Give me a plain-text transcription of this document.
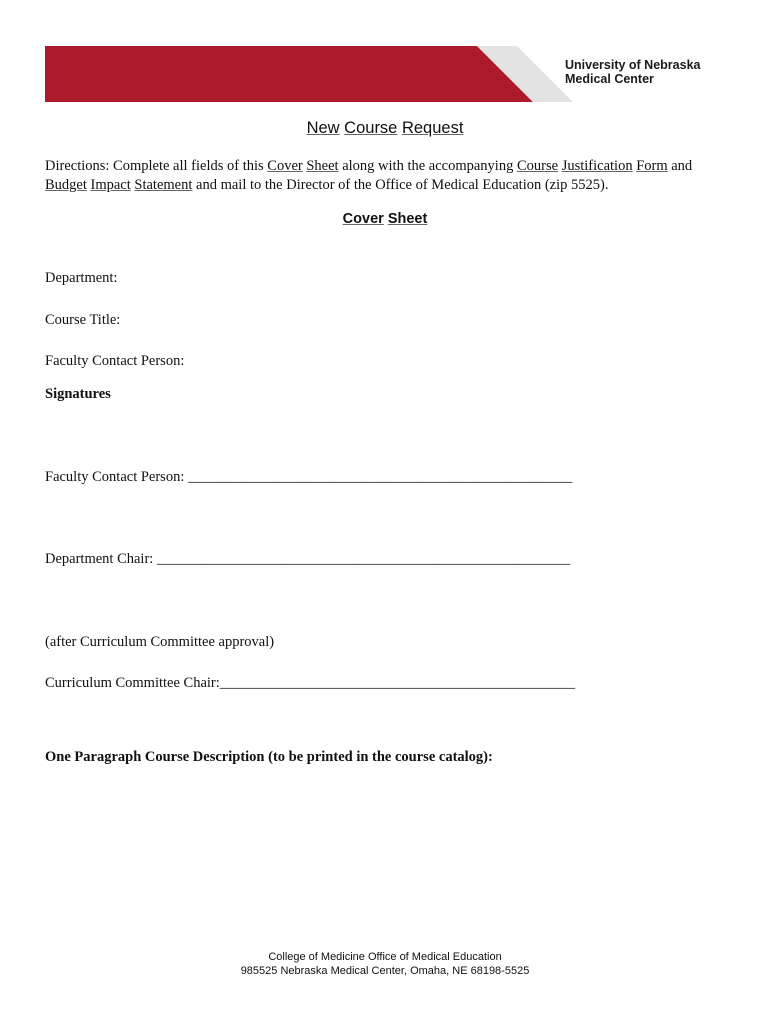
University of Nebraska
Medical Center
New Course Request
Directions: Complete all fields of this Cover Sheet along with the accompanying Course Justification Form and Budget Impact Statement and mail to the Director of the Office of Medical Education (zip 5525).
Cover Sheet
Department:
Course Title:
Faculty Contact Person:
Signatures
Faculty Contact Person: _____________________________________________________
Department Chair: _________________________________________________________
(after Curriculum Committee approval)
Curriculum Committee Chair:_________________________________________________
One Paragraph Course Description (to be printed in the course catalog):
College of Medicine Office of Medical Education
985525 Nebraska Medical Center, Omaha, NE 68198-5525
